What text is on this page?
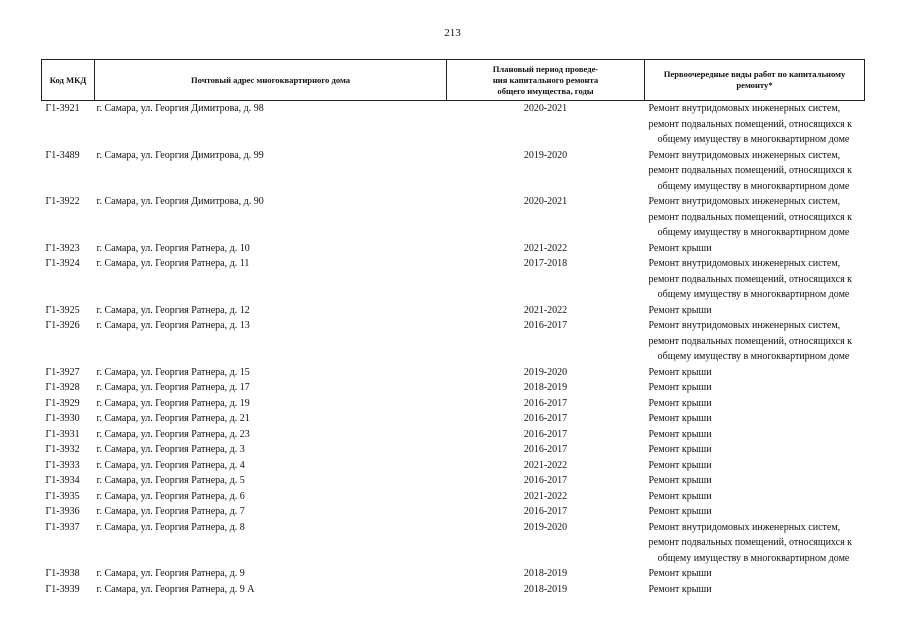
213
Код МКД	Почтовый адрес многоквартирного дома	Плановый период проведе-
ния капитального ремонта
общего имущества, годы	Первоочередные виды работ по капитальному
ремонту*

Г1-3921	г. Самара, ул. Георгия Димитрова, д. 98	2020-2021	Ремонт внутридомовых инженерных систем,
ремонт подвальных помещений, относящихся к
общему имуществу в многоквартирном доме

Г1-3489	г. Самара, ул. Георгия Димитрова, д. 99	2019-2020	Ремонт внутридомовых инженерных систем,
ремонт подвальных помещений, относящихся к
общему имуществу в многоквартирном доме

Г1-3922	г. Самара, ул. Георгия Димитрова, д. 90	2020-2021	Ремонт внутридомовых инженерных систем,
ремонт подвальных помещений, относящихся к
общему имуществу в многоквартирном доме

Г1-3923	г. Самара, ул. Георгия Ратнера, д. 10	2021-2022	Ремонт крыши

Г1-3924	г. Самара, ул. Георгия Ратнера, д. 11	2017-2018	Ремонт внутридомовых инженерных систем,
ремонт подвальных помещений, относящихся к
общему имуществу в многоквартирном доме

Г1-3925	г. Самара, ул. Георгия Ратнера, д. 12	2021-2022	Ремонт крыши

Г1-3926	г. Самара, ул. Георгия Ратнера, д. 13	2016-2017	Ремонт внутридомовых инженерных систем,
ремонт подвальных помещений, относящихся к
общему имуществу в многоквартирном доме

Г1-3927	г. Самара, ул. Георгия Ратнера, д. 15	2019-2020	Ремонт крыши

Г1-3928	г. Самара, ул. Георгия Ратнера, д. 17	2018-2019	Ремонт крыши

Г1-3929	г. Самара, ул. Георгия Ратнера, д. 19	2016-2017	Ремонт крыши

Г1-3930	г. Самара, ул. Георгия Ратнера, д. 21	2016-2017	Ремонт крыши

Г1-3931	г. Самара, ул. Георгия Ратнера, д. 23	2016-2017	Ремонт крыши

Г1-3932	г. Самара, ул. Георгия Ратнера, д. 3	2016-2017	Ремонт крыши

Г1-3933	г. Самара, ул. Георгия Ратнера, д. 4	2021-2022	Ремонт крыши

Г1-3934	г. Самара, ул. Георгия Ратнера, д. 5	2016-2017	Ремонт крыши

Г1-3935	г. Самара, ул. Георгия Ратнера, д. 6	2021-2022	Ремонт крыши

Г1-3936	г. Самара, ул. Георгия Ратнера, д. 7	2016-2017	Ремонт крыши

Г1-3937	г. Самара, ул. Георгия Ратнера, д. 8	2019-2020	Ремонт внутридомовых инженерных систем,
ремонт подвальных помещений, относящихся к
общему имуществу в многоквартирном доме

Г1-3938	г. Самара, ул. Георгия Ратнера, д. 9	2018-2019	Ремонт крыши

Г1-3939	г. Самара, ул. Георгия Ратнера, д. 9 А	2018-2019	Ремонт крыши
